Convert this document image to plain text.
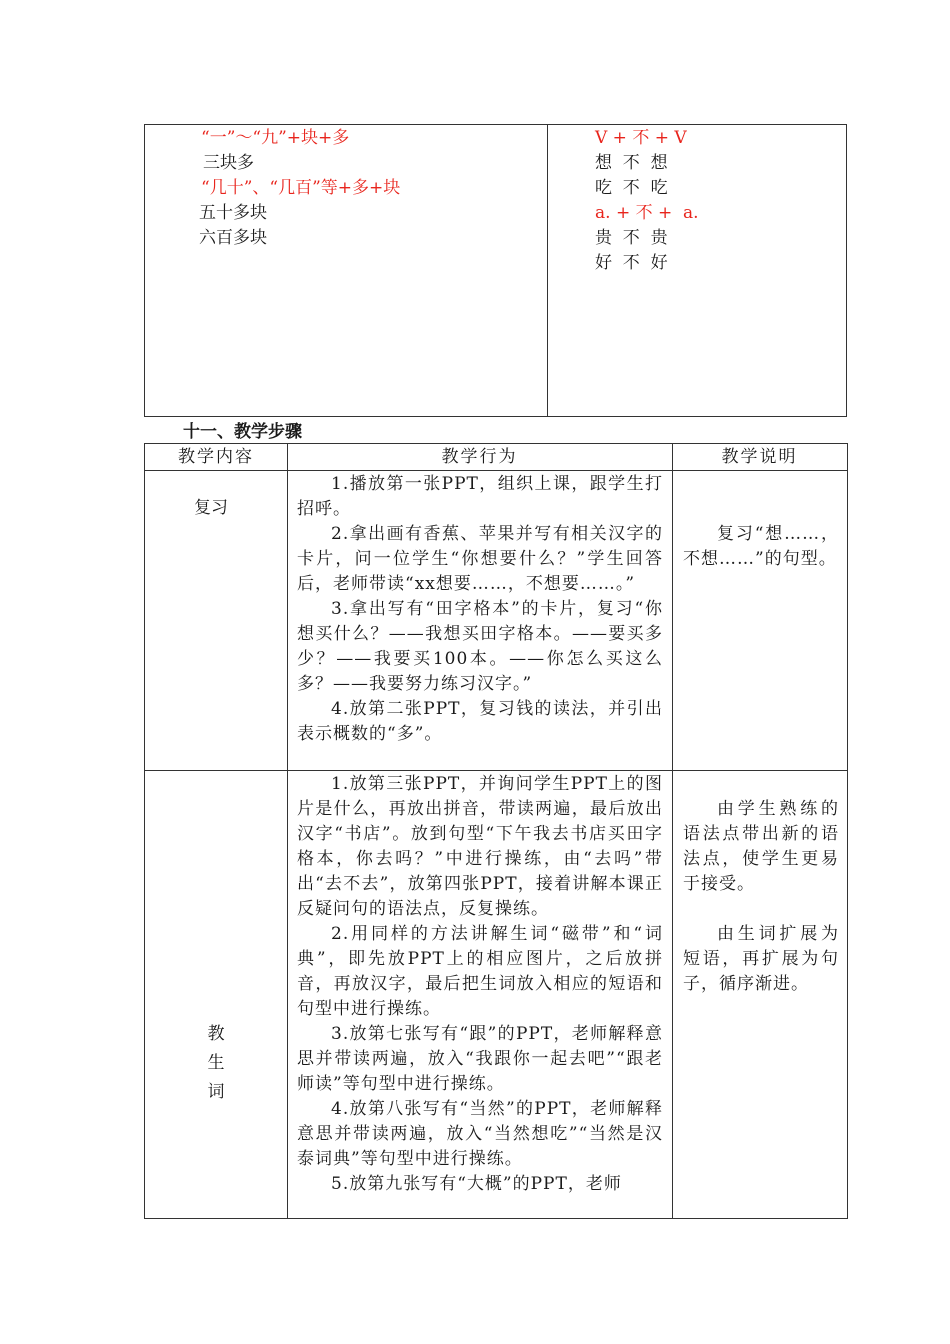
“一”～“九”+块+多
三块多
“几十”、“几百”等+多+块
五十多块
六百多块
V + 不 + V
想  不  想
吃  不  吃
a. + 不 +  a.
贵  不  贵
好  不  好
十一、教学步骤
教学内容	教学行为	教学说明
复习

1.播放第一张PPT，组织上课，跟学生打招呼。

2.拿出画有香蕉、苹果并写有相关汉字的卡片，问一位学生“你想要什么？”学生回答后，老师带读“xx想要……，不想要……。”

3.拿出写有“田字格本”的卡片，复习“你想买什么？——我想买田字格本。——要买多少？——我要买100本。——你怎么买这么多？——我要努力练习汉字。”

4.放第二张PPT，复习钱的读法，并引出表示概数的“多”。

复习“想……，不想……”的句型。

教生词

1.放第三张PPT，并询问学生PPT上的图片是什么，再放出拼音，带读两遍，最后放出汉字“书店”。放到句型“下午我去书店买田字格本，你去吗？”中进行操练，由“去吗”带出“去不去”，放第四张PPT，接着讲解本课正反疑问句的语法点，反复操练。

2.用同样的方法讲解生词“磁带”和“词典”，即先放PPT上的相应图片，之后放拼音，再放汉字，最后把生词放入相应的短语和句型中进行操练。

3.放第七张写有“跟”的PPT，老师解释意思并带读两遍，放入“我跟你一起去吧”“跟老师读”等句型中进行操练。

4.放第八张写有“当然”的PPT，老师解释意思并带读两遍，放入“当然想吃”“当然是汉泰词典”等句型中进行操练。

5.放第九张写有“大概”的PPT，老师

由学生熟练的语法点带出新的语法点，使学生更易于接受。

由生词扩展为短语，再扩展为句子，循序渐进。
